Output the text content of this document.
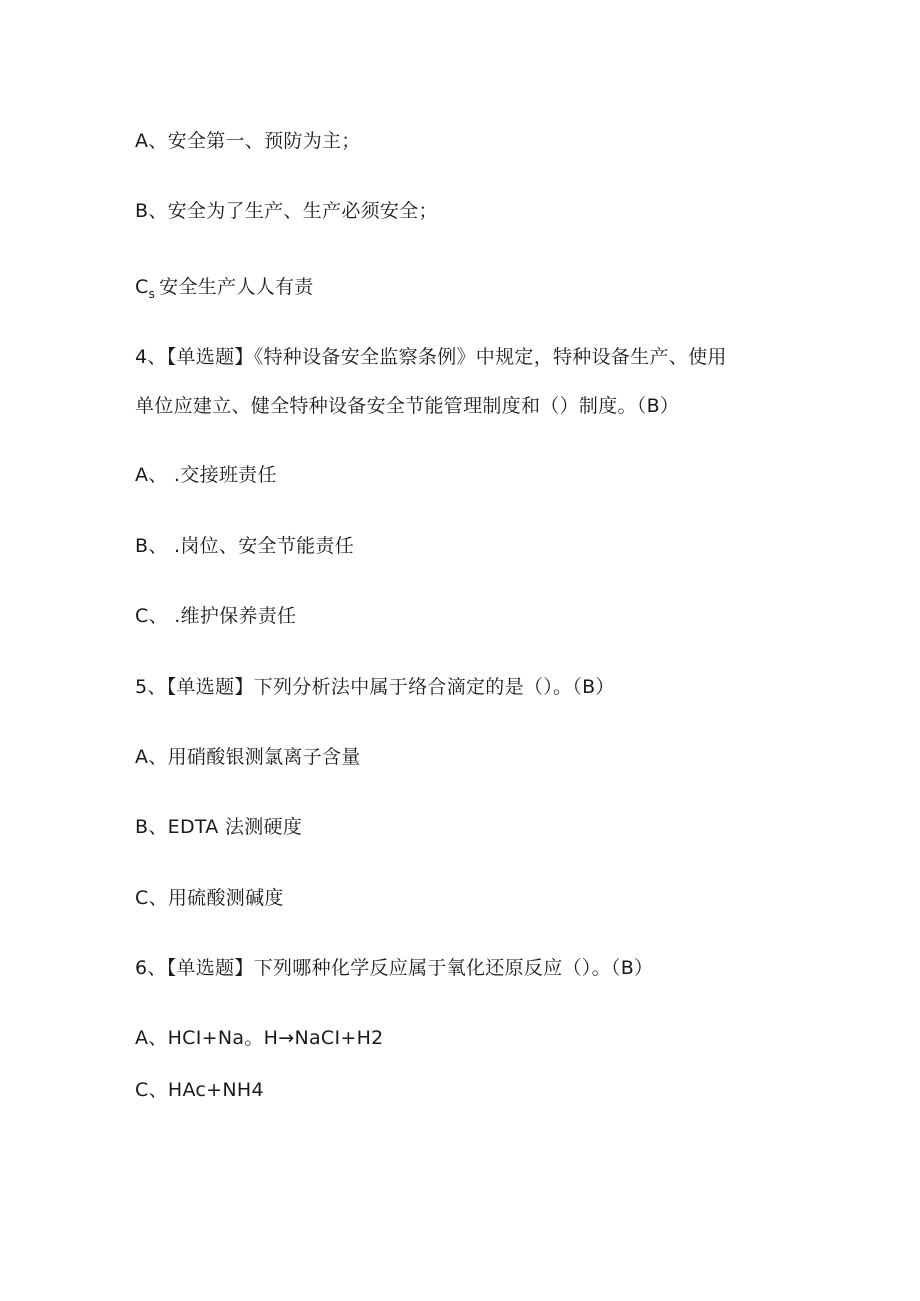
A、安全第一、预防为主；
B、安全为了生产、生产必须安全；
$C_s$ 安全生产人人有责
4、【单选题】《特种设备安全监察条例》中规定，特种设备生产、使用
单位应建立、健全特种设备安全节能管理制度和（）制度。（B）
A、 .交接班责任
B、 .岗位、安全节能责任
C、 .维护保养责任
5、【单选题】下列分析法中属于络合滴定的是（）。（B）
A、用硝酸银测氯离子含量
B、EDTA 法测硬度
C、用硫酸测碱度
6、【单选题】下列哪种化学反应属于氧化还原反应（）。（B）
A、HCI+Na。H→NaCI+H2
C、HAc+NH4
